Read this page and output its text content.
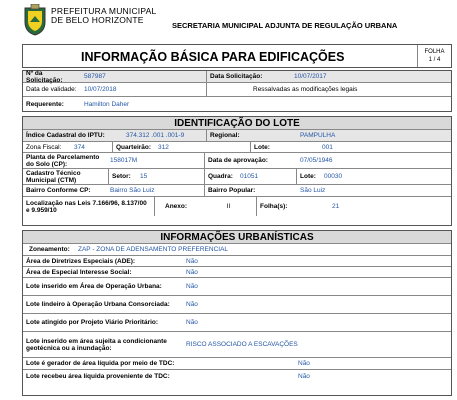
PREFEITURA MUNICIPAL
DE BELO HORIZONTE
SECRETARIA MUNICIPAL ADJUNTA DE REGULAÇÃO URBANA
INFORMAÇÃO BÁSICA PARA EDIFICAÇÕES	FOLHA
1 / 4
Nº da Solicitação:	587987	Data Solicitação:	10/07/2017
Data de validade:	10/07/2018	Ressalvadas as modificações legais
Requerente:	Hamilton Daher
IDENTIFICAÇÃO DO LOTE
Índice Cadastral do IPTU:	374.312 .001 .001-9	Regional:	PAMPULHA
Zona Fiscal:	374	Quarteirão:	312	Lote:	001
Planta de Parcelamento do Solo (CP):	158017M	Data de aprovação:	07/05/1946
Cadastro Técnico Municipal (CTM)	Setor:	15	Quadra:	01051	Lote:	00030
Bairro Conforme CP:	Bairro São Luiz	Bairro Popular:	São Luiz
Localização nas Leis 7.166/96, 8.137/00 e 9.959/10	Anexo:	II	Folha(s):	21
INFORMAÇÕES URBANÍSTICAS
Zoneamento:	ZAP - ZONA DE ADENSAMENTO PREFERENCIAL
Área de Diretrizes Especiais (ADE):	Não
Área de Especial Interesse Social:	Não
Lote inserido em Área de Operação Urbana:	Não
Lote lindeiro à Operação Urbana Consorciada:	Não
Lote atingido por Projeto Viário Prioritário:	Não
Lote inserido em área sujeita a condicionante geotécnica ou a inundação:	RISCO ASSOCIADO A ESCAVAÇÕES
Lote é gerador de área líquida por meio de TDC:	Não
Lote recebeu área líquida proveniente de TDC:	Não
